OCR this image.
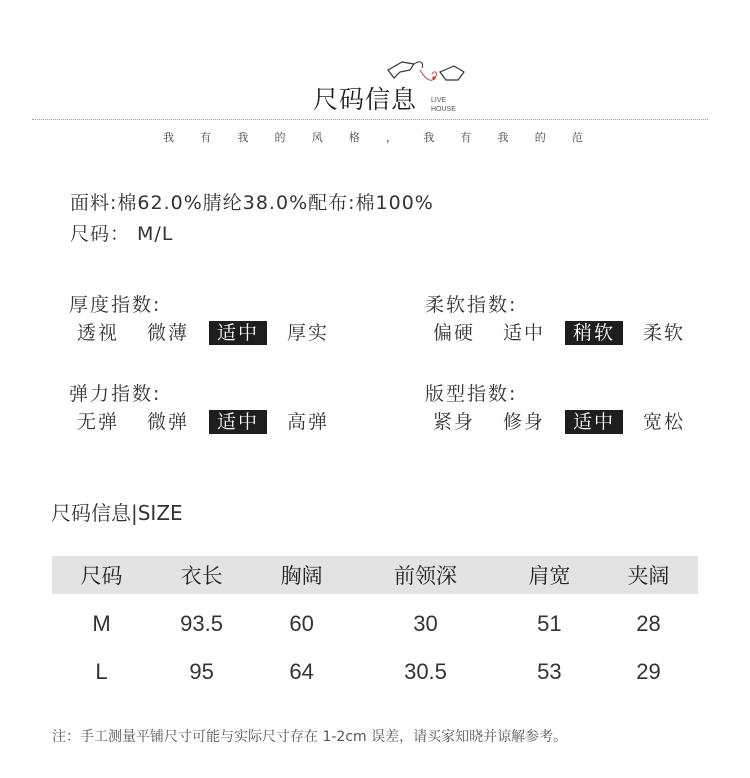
尺码信息 LIVE
HOUSE
我 有 我 的 风 格 ， 我 有 我 的 范
面料:棉62.0%腈纶38.0%配布:棉100%
尺码： M/L
厚度指数:
透视	微薄	适中	厚实
柔软指数:
偏硬	适中	稍软	柔软
弹力指数:
无弹	微弹	适中	高弹
版型指数:
紧身	修身	适中	宽松
尺码信息|SIZE
尺码	衣长	胸阔	前领深	肩宽	夹阔
M	93.5	60	30	51	28
L	95	64	30.5	53	29
注：手工测量平铺尺寸可能与实际尺寸存在 1-2cm 误差，请买家知晓并谅解参考。
